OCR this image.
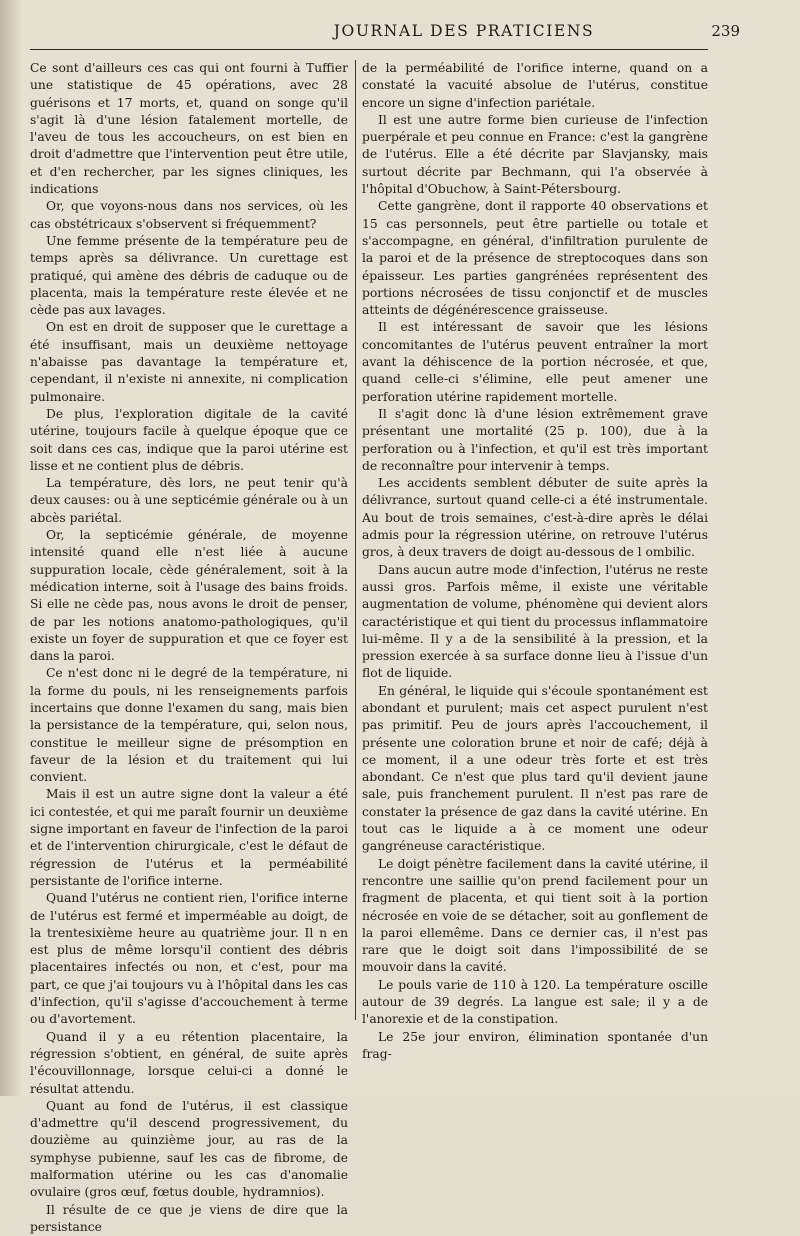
JOURNAL DES PRATICIENS	239

Ce sont d'ailleurs ces cas qui ont fourni à Tuffier une statistique de 45 opérations, avec 28 guérisons et 17 morts, et, quand on songe qu'il s'agit là d'une lésion fatalement mortelle, de l'aveu de tous les accoucheurs, on est bien en droit d'admettre que l'intervention peut être utile, et d'en rechercher, par les signes cliniques, les indications

Or, que voyons-nous dans nos services, où les cas obstétricaux s'observent si fréquemment?

Une femme présente de la température peu de temps après sa délivrance. Un curettage est pratiqué, qui amène des débris de caduque ou de placenta, mais la température reste élevée et ne cède pas aux lavages.

On est en droit de supposer que le curettage a été insuffisant, mais un deuxième nettoyage n'abaisse pas davantage la température et, cependant, il n'existe ni annexite, ni complication pulmonaire.

De plus, l'exploration digitale de la cavité utérine, toujours facile à quelque époque que ce soit dans ces cas, indique que la paroi utérine est lisse et ne contient plus de débris.

La température, dès lors, ne peut tenir qu'à deux causes: ou à une septicémie générale ou à un abcès pariétal.

Or, la septicémie générale, de moyenne intensité quand elle n'est liée à aucune suppuration locale, cède généralement, soit à la médication interne, soit à l'usage des bains froids. Si elle ne cède pas, nous avons le droit de penser, de par les notions anatomo-pathologiques, qu'il existe un foyer de suppuration et que ce foyer est dans la paroi.

Ce n'est donc ni le degré de la température, ni la forme du pouls, ni les renseignements parfois incertains que donne l'examen du sang, mais bien la persistance de la température, qui, selon nous, constitue le meilleur signe de présomption en faveur de la lésion et du traitement qui lui convient.

Mais il est un autre signe dont la valeur a été ici contestée, et qui me paraît fournir un deuxième signe important en faveur de l'infection de la paroi et de l'intervention chirurgicale, c'est le défaut de régression de l'utérus et la perméabilité persistante de l'orifice interne.

Quand l'utérus ne contient rien, l'orifice interne de l'utérus est fermé et imperméable au doigt, de la trentesixième heure au quatrième jour. Il n en est plus de même lorsqu'il contient des débris placentaires infectés ou non, et c'est, pour ma part, ce que j'ai toujours vu à l'hôpital dans les cas d'infection, qu'il s'agisse d'accouchement à terme ou d'avortement.

Quand il y a eu rétention placentaire, la régression s'obtient, en général, de suite après l'écouvillonnage, lorsque celui-ci a donné le résultat attendu.

Quant au fond de l'utérus, il est classique d'admettre qu'il descend progressivement, du douzième au quinzième jour, au ras de la symphyse pubienne, sauf les cas de fibrome, de malformation utérine ou les cas d'anomalie ovulaire (gros œuf, fœtus double, hydramnios).

Il résulte de ce que je viens de dire que la persistance

de la perméabilité de l'orifice interne, quand on a constaté la vacuité absolue de l'utérus, constitue encore un signe d'infection pariétale.

Il est une autre forme bien curieuse de l'infection puerpérale et peu connue en France: c'est la gangrène de l'utérus. Elle a été décrite par Slavjansky, mais surtout décrite par Bechmann, qui l'a observée à l'hôpital d'Obuchow, à Saint-Pétersbourg.

Cette gangrène, dont il rapporte 40 observations et 15 cas personnels, peut être partielle ou totale et s'accompagne, en général, d'infiltration purulente de la paroi et de la présence de streptocoques dans son épaisseur. Les parties gangrénées représentent des portions nécrosées de tissu conjonctif et de muscles atteints de dégénérescence graisseuse.

Il est intéressant de savoir que les lésions concomitantes de l'utérus peuvent entraîner la mort avant la déhiscence de la portion nécrosée, et que, quand celle-ci s'élimine, elle peut amener une perforation utérine rapidement mortelle.

Il s'agit donc là d'une lésion extrêmement grave présentant une mortalité (25 p. 100), due à la perforation ou à l'infection, et qu'il est très important de reconnaître pour intervenir à temps.

Les accidents semblent débuter de suite après la délivrance, surtout quand celle-ci a été instrumentale. Au bout de trois semaines, c'est-à-dire après le délai admis pour la régression utérine, on retrouve l'utérus gros, à deux travers de doigt au-dessous de l ombilic.

Dans aucun autre mode d'infection, l'utérus ne reste aussi gros. Parfois même, il existe une véritable augmentation de volume, phénomène qui devient alors caractéristique et qui tient du processus inflammatoire lui-même. Il y a de la sensibilité à la pression, et la pression exercée à sa surface donne lieu à l'issue d'un flot de liquide.

En général, le liquide qui s'écoule spontanément est abondant et purulent; mais cet aspect purulent n'est pas primitif. Peu de jours après l'accouchement, il présente une coloration brune et noir de café; déjà à ce moment, il a une odeur très forte et est très abondant. Ce n'est que plus tard qu'il devient jaune sale, puis franchement purulent. Il n'est pas rare de constater la présence de gaz dans la cavité utérine. En tout cas le liquide a à ce moment une odeur gangréneuse caractéristique.

Le doigt pénètre facilement dans la cavité utérine, il rencontre une saillie qu'on prend facilement pour un fragment de placenta, et qui tient soit à la portion nécrosée en voie de se détacher, soit au gonflement de la paroi ellemême. Dans ce dernier cas, il n'est pas rare que le doigt soit dans l'impossibilité de se mouvoir dans la cavité.

Le pouls varie de 110 à 120. La température oscille autour de 39 degrés. La langue est sale; il y a de l'anorexie et de la constipation.

Le 25e jour environ, élimination spontanée d'un frag-
